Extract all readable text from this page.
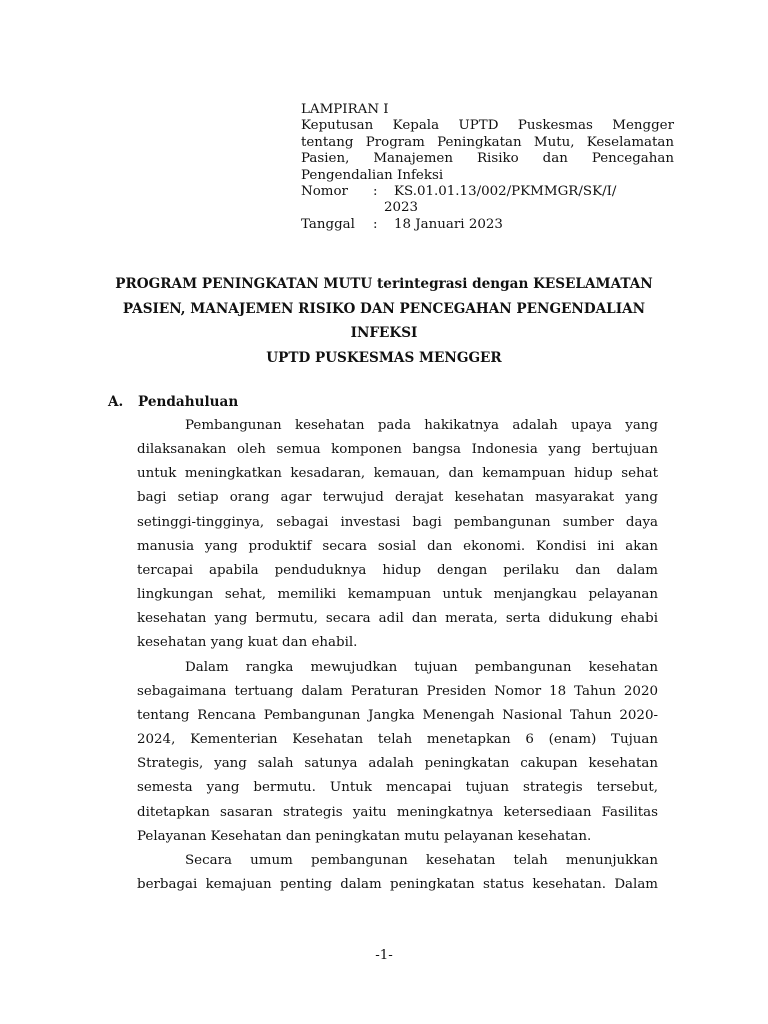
LAMPIRAN I
Keputusan Kepala UPTD Puskesmas Mengger
tentang Program Peningkatan Mutu, Keselamatan
Pasien, Manajemen Risiko dan Pencegahan
Pengendalian Infeksi
Nomor	:	KS.01.01.13/002/PKMMGR/SK/I/
2023
Tanggal	:	18 Januari 2023
PROGRAM PENINGKATAN MUTU terintegrasi dengan KESELAMATAN
PASIEN, MANAJEMEN RISIKO DAN PENCEGAHAN PENGENDALIAN
INFEKSI
UPTD PUSKESMAS MENGGER
A.	Pendahuluan

Pembangunan kesehatan pada hakikatnya adalah upaya yang
dilaksanakan oleh semua komponen bangsa Indonesia yang bertujuan
untuk meningkatkan kesadaran, kemauan, dan kemampuan hidup sehat
bagi setiap orang agar terwujud derajat kesehatan masyarakat yang
setinggi-tingginya, sebagai investasi bagi pembangunan sumber daya
manusia yang produktif secara sosial dan ekonomi. Kondisi ini akan
tercapai apabila penduduknya hidup dengan perilaku dan dalam
lingkungan sehat, memiliki kemampuan untuk menjangkau pelayanan
kesehatan yang bermutu, secara adil dan merata, serta didukung ehabi
kesehatan yang kuat dan ehabil.

Dalam rangka mewujudkan tujuan pembangunan kesehatan
sebagaimana tertuang dalam Peraturan Presiden Nomor 18 Tahun 2020
tentang Rencana Pembangunan Jangka Menengah Nasional Tahun 2020-
2024, Kementerian Kesehatan telah menetapkan 6 (enam) Tujuan
Strategis, yang salah satunya adalah peningkatan cakupan kesehatan
semesta yang bermutu. Untuk mencapai tujuan strategis tersebut,
ditetapkan sasaran strategis yaitu meningkatnya ketersediaan Fasilitas
Pelayanan Kesehatan dan peningkatan mutu pelayanan kesehatan.

Secara umum pembangunan kesehatan telah menunjukkan
berbagai kemajuan penting dalam peningkatan status kesehatan. Dalam

-1-
